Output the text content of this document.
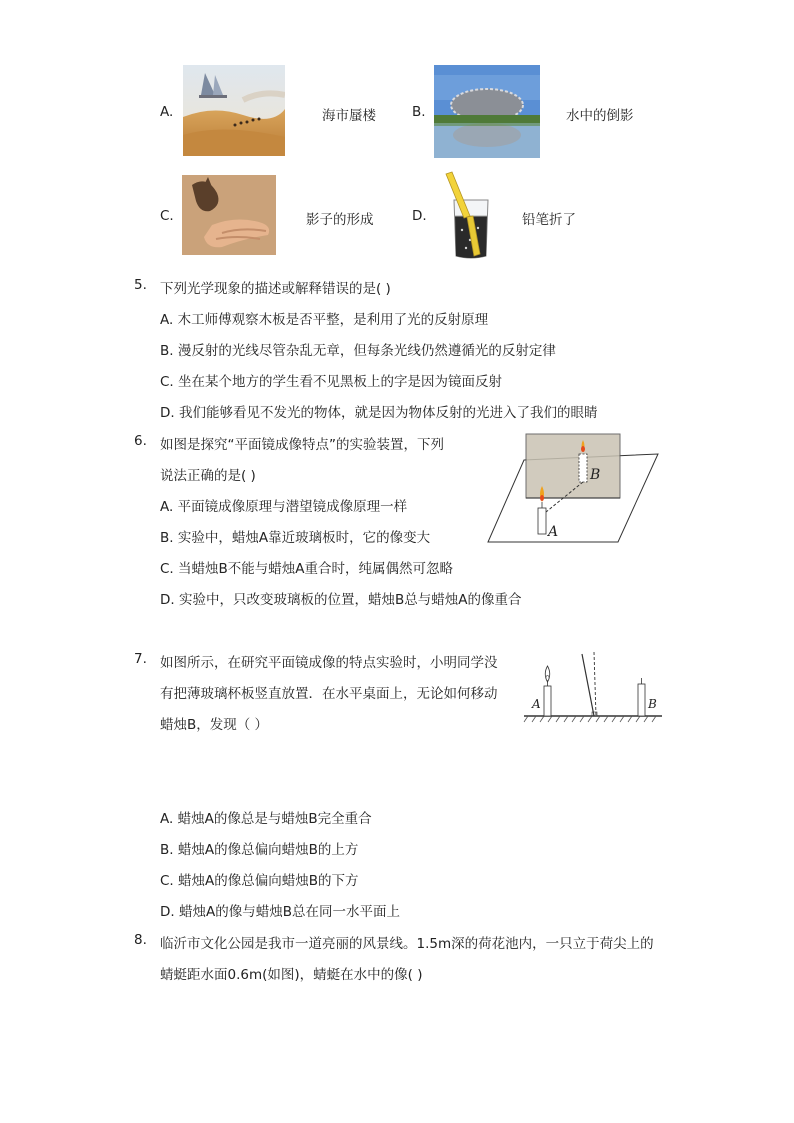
A.	海市蜃楼	B.	水中的倒影
C.	影子的形成	D.	铅笔折了
5. 下列光学现象的描述或解释错误的是( )
A. 木工师傅观察木板是否平整，是利用了光的反射原理
B. 漫反射的光线尽管杂乱无章，但每条光线仍然遵循光的反射定律
C. 坐在某个地方的学生看不见黑板上的字是因为镜面反射
D. 我们能够看见不发光的物体，就是因为物体反射的光进入了我们的眼睛
6. 如图是探究“平面镜成像特点”的实验装置，下列
说法正确的是( )
A. 平面镜成像原理与潜望镜成像原理一样
B. 实验中，蜡烛A靠近玻璃板时，它的像变大
C. 当蜡烛B不能与蜡烛A重合时，纯属偶然可忽略
D. 实验中，只改变玻璃板的位置，蜡烛B总与蜡烛A的像重合
B
A
7. 如图所示，在研究平面镜成像的特点实验时，小明同学没
有把薄玻璃杯板竖直放置．在水平桌面上，无论如何移动
蜡烛B，发现（ ）
A	B
A. 蜡烛A的像总是与蜡烛B完全重合
B. 蜡烛A的像总偏向蜡烛B的上方
C. 蜡烛A的像总偏向蜡烛B的下方
D. 蜡烛A的像与蜡烛B总在同一水平面上
8. 临沂市文化公园是我市一道亮丽的风景线。1.5m深的荷花池内，一只立于荷尖上的
蜻蜓距水面0.6m(如图)，蜻蜓在水中的像( )
